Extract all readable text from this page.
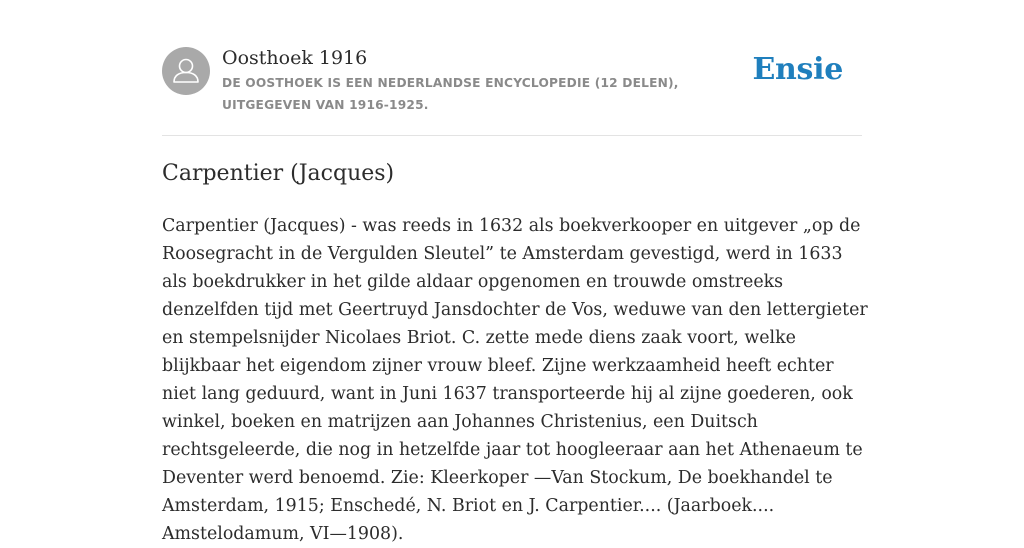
Oosthoek 1916
DE OOSTHOEK IS EEN NEDERLANDSE ENCYCLOPEDIE (12 DELEN), UITGEGEVEN VAN 1916-1925.
Ensie
Carpentier (Jacques)

Carpentier (Jacques) - was reeds in 1632 als boekverkooper en uitgever „op de Roosegracht in de Vergulden Sleutel” te Amsterdam gevestigd, werd in 1633 als boekdrukker in het gilde aldaar opgenomen en trouwde omstreeks denzelfden tijd met Geertruyd Jansdochter de Vos, weduwe van den lettergieter en stempelsnijder Nicolaes Briot. C. zette mede diens zaak voort, welke blijkbaar het eigendom zijner vrouw bleef. Zijne werkzaamheid heeft echter niet lang geduurd, want in Juni 1637 transporteerde hij al zijne goederen, ook winkel, boeken en matrijzen aan Johannes Christenius, een Duitsch rechtsgeleerde, die nog in hetzelfde jaar tot hoogleeraar aan het Athenaeum te Deventer werd benoemd. Zie: Kleerkoper —Van Stockum, De boekhandel te Amsterdam, 1915; Enschedé, N. Briot en J. Carpentier.... (Jaarboek.... Amstelodamum, VI—1908).
